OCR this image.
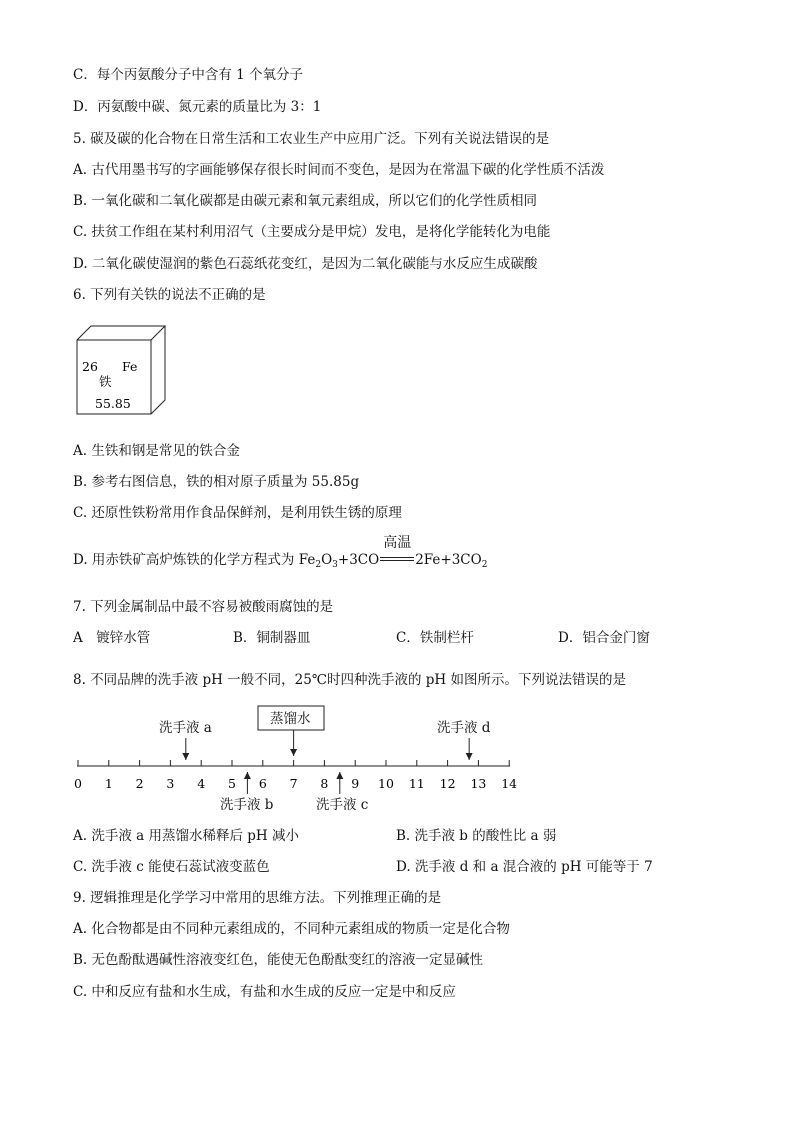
C．每个丙氨酸分子中含有 1 个氧分子
D．丙氨酸中碳、氮元素的质量比为 3：1
5. 碳及碳的化合物在日常生活和工农业生产中应用广泛。下列有关说法错误的是
A. 古代用墨书写的字画能够保存很长时间而不变色，是因为在常温下碳的化学性质不活泼
B. 一氧化碳和二氧化碳都是由碳元素和氧元素组成，所以它们的化学性质相同
C. 扶贫工作组在某村利用沼气（主要成分是甲烷）发电，是将化学能转化为电能
D. 二氧化碳使湿润的紫色石蕊纸花变红，是因为二氧化碳能与水反应生成碳酸
6. 下列有关铁的说法不正确的是
26 Fe
铁
55.85
A. 生铁和钢是常见的铁合金
B. 参考右图信息，铁的相对原子质量为 55.85g
C. 还原性铁粉常用作食品保鲜剂，是利用铁生锈的原理
D. 用赤铁矿高炉炼铁的化学方程式为 $Fe_2O_3+3CO$
高温
$2Fe+3CO_2$
7. 下列金属制品中最不容易被酸雨腐蚀的是
A　镀锌水管	B．铜制器皿	C．铁制栏杆	D．铝合金门窗
8. 不同品牌的洗手液 pH 一般不同，25℃时四种洗手液的 pH 如图所示。下列说法错误的是
0 1 2 3 4 5 6 7 8 9 10 11 12 13 14
洗手液 a
蒸馏水
洗手液 d
洗手液 b	洗手液 c
A. 洗手液 a 用蒸馏水稀释后 pH 减小	B. 洗手液 b 的酸性比 a 弱
C. 洗手液 c 能使石蕊试液变蓝色	D. 洗手液 d 和 a 混合液的 pH 可能等于 7
9. 逻辑推理是化学学习中常用的思维方法。下列推理正确的是
A. 化合物都是由不同种元素组成的，不同种元素组成的物质一定是化合物
B. 无色酚酞遇碱性溶液变红色，能使无色酚酞变红的溶液一定显碱性
C. 中和反应有盐和水生成，有盐和水生成的反应一定是中和反应
